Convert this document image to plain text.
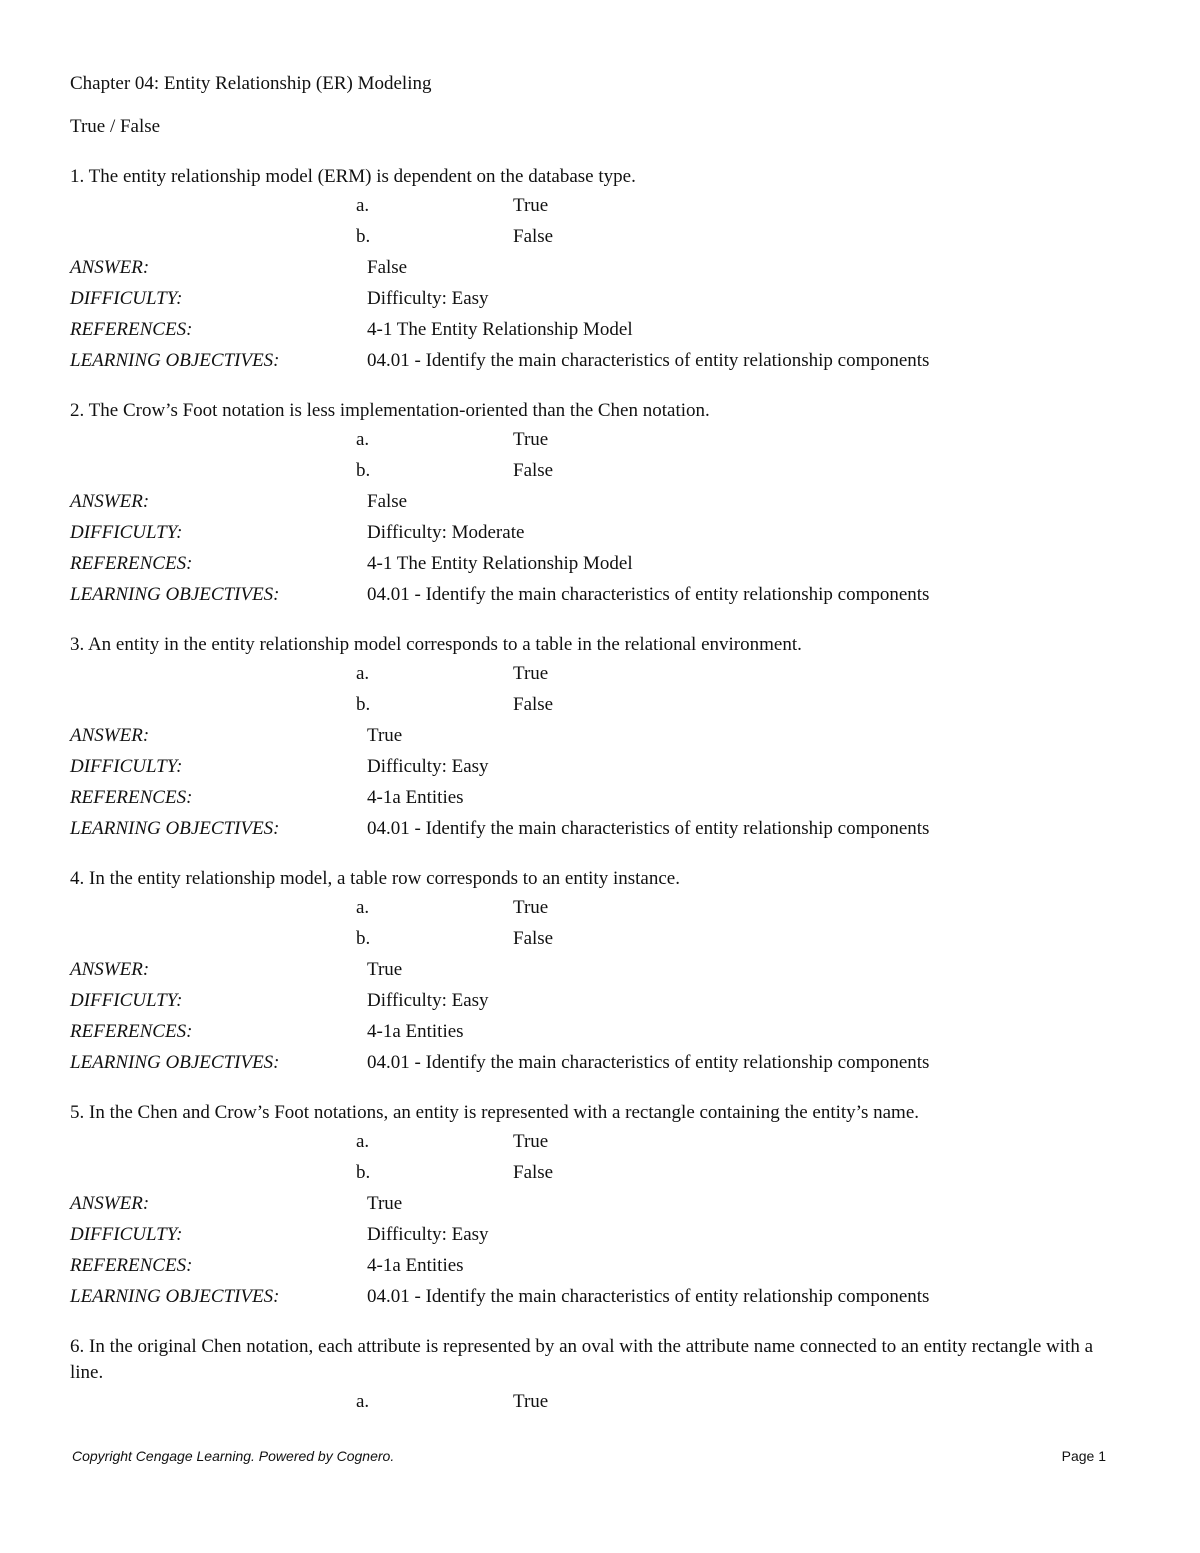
Chapter 04: Entity Relationship (ER) Modeling
True / False
1. The entity relationship model (ERM) is dependent on the database type.
a.	True
b.	False
ANSWER:	False
DIFFICULTY:	Difficulty: Easy
REFERENCES:	4-1 The Entity Relationship Model
LEARNING OBJECTIVES:	04.01 - Identify the main characteristics of entity relationship components
2. The Crow’s Foot notation is less implementation-oriented than the Chen notation.
a.	True
b.	False
ANSWER:	False
DIFFICULTY:	Difficulty: Moderate
REFERENCES:	4-1 The Entity Relationship Model
LEARNING OBJECTIVES:	04.01 - Identify the main characteristics of entity relationship components
3. An entity in the entity relationship model corresponds to a table in the relational environment.
a.	True
b.	False
ANSWER:	True
DIFFICULTY:	Difficulty: Easy
REFERENCES:	4-1a Entities
LEARNING OBJECTIVES:	04.01 - Identify the main characteristics of entity relationship components
4. In the entity relationship model, a table row corresponds to an entity instance.
a.	True
b.	False
ANSWER:	True
DIFFICULTY:	Difficulty: Easy
REFERENCES:	4-1a Entities
LEARNING OBJECTIVES:	04.01 - Identify the main characteristics of entity relationship components
5. In the Chen and Crow’s Foot notations, an entity is represented with a rectangle containing the entity’s name.
a.	True
b.	False
ANSWER:	True
DIFFICULTY:	Difficulty: Easy
REFERENCES:	4-1a Entities
LEARNING OBJECTIVES:	04.01 - Identify the main characteristics of entity relationship components
6. In the original Chen notation, each attribute is represented by an oval with the attribute name connected to an entity rectangle with a line.
a.	True
Copyright Cengage Learning. Powered by Cognero.	Page 1
